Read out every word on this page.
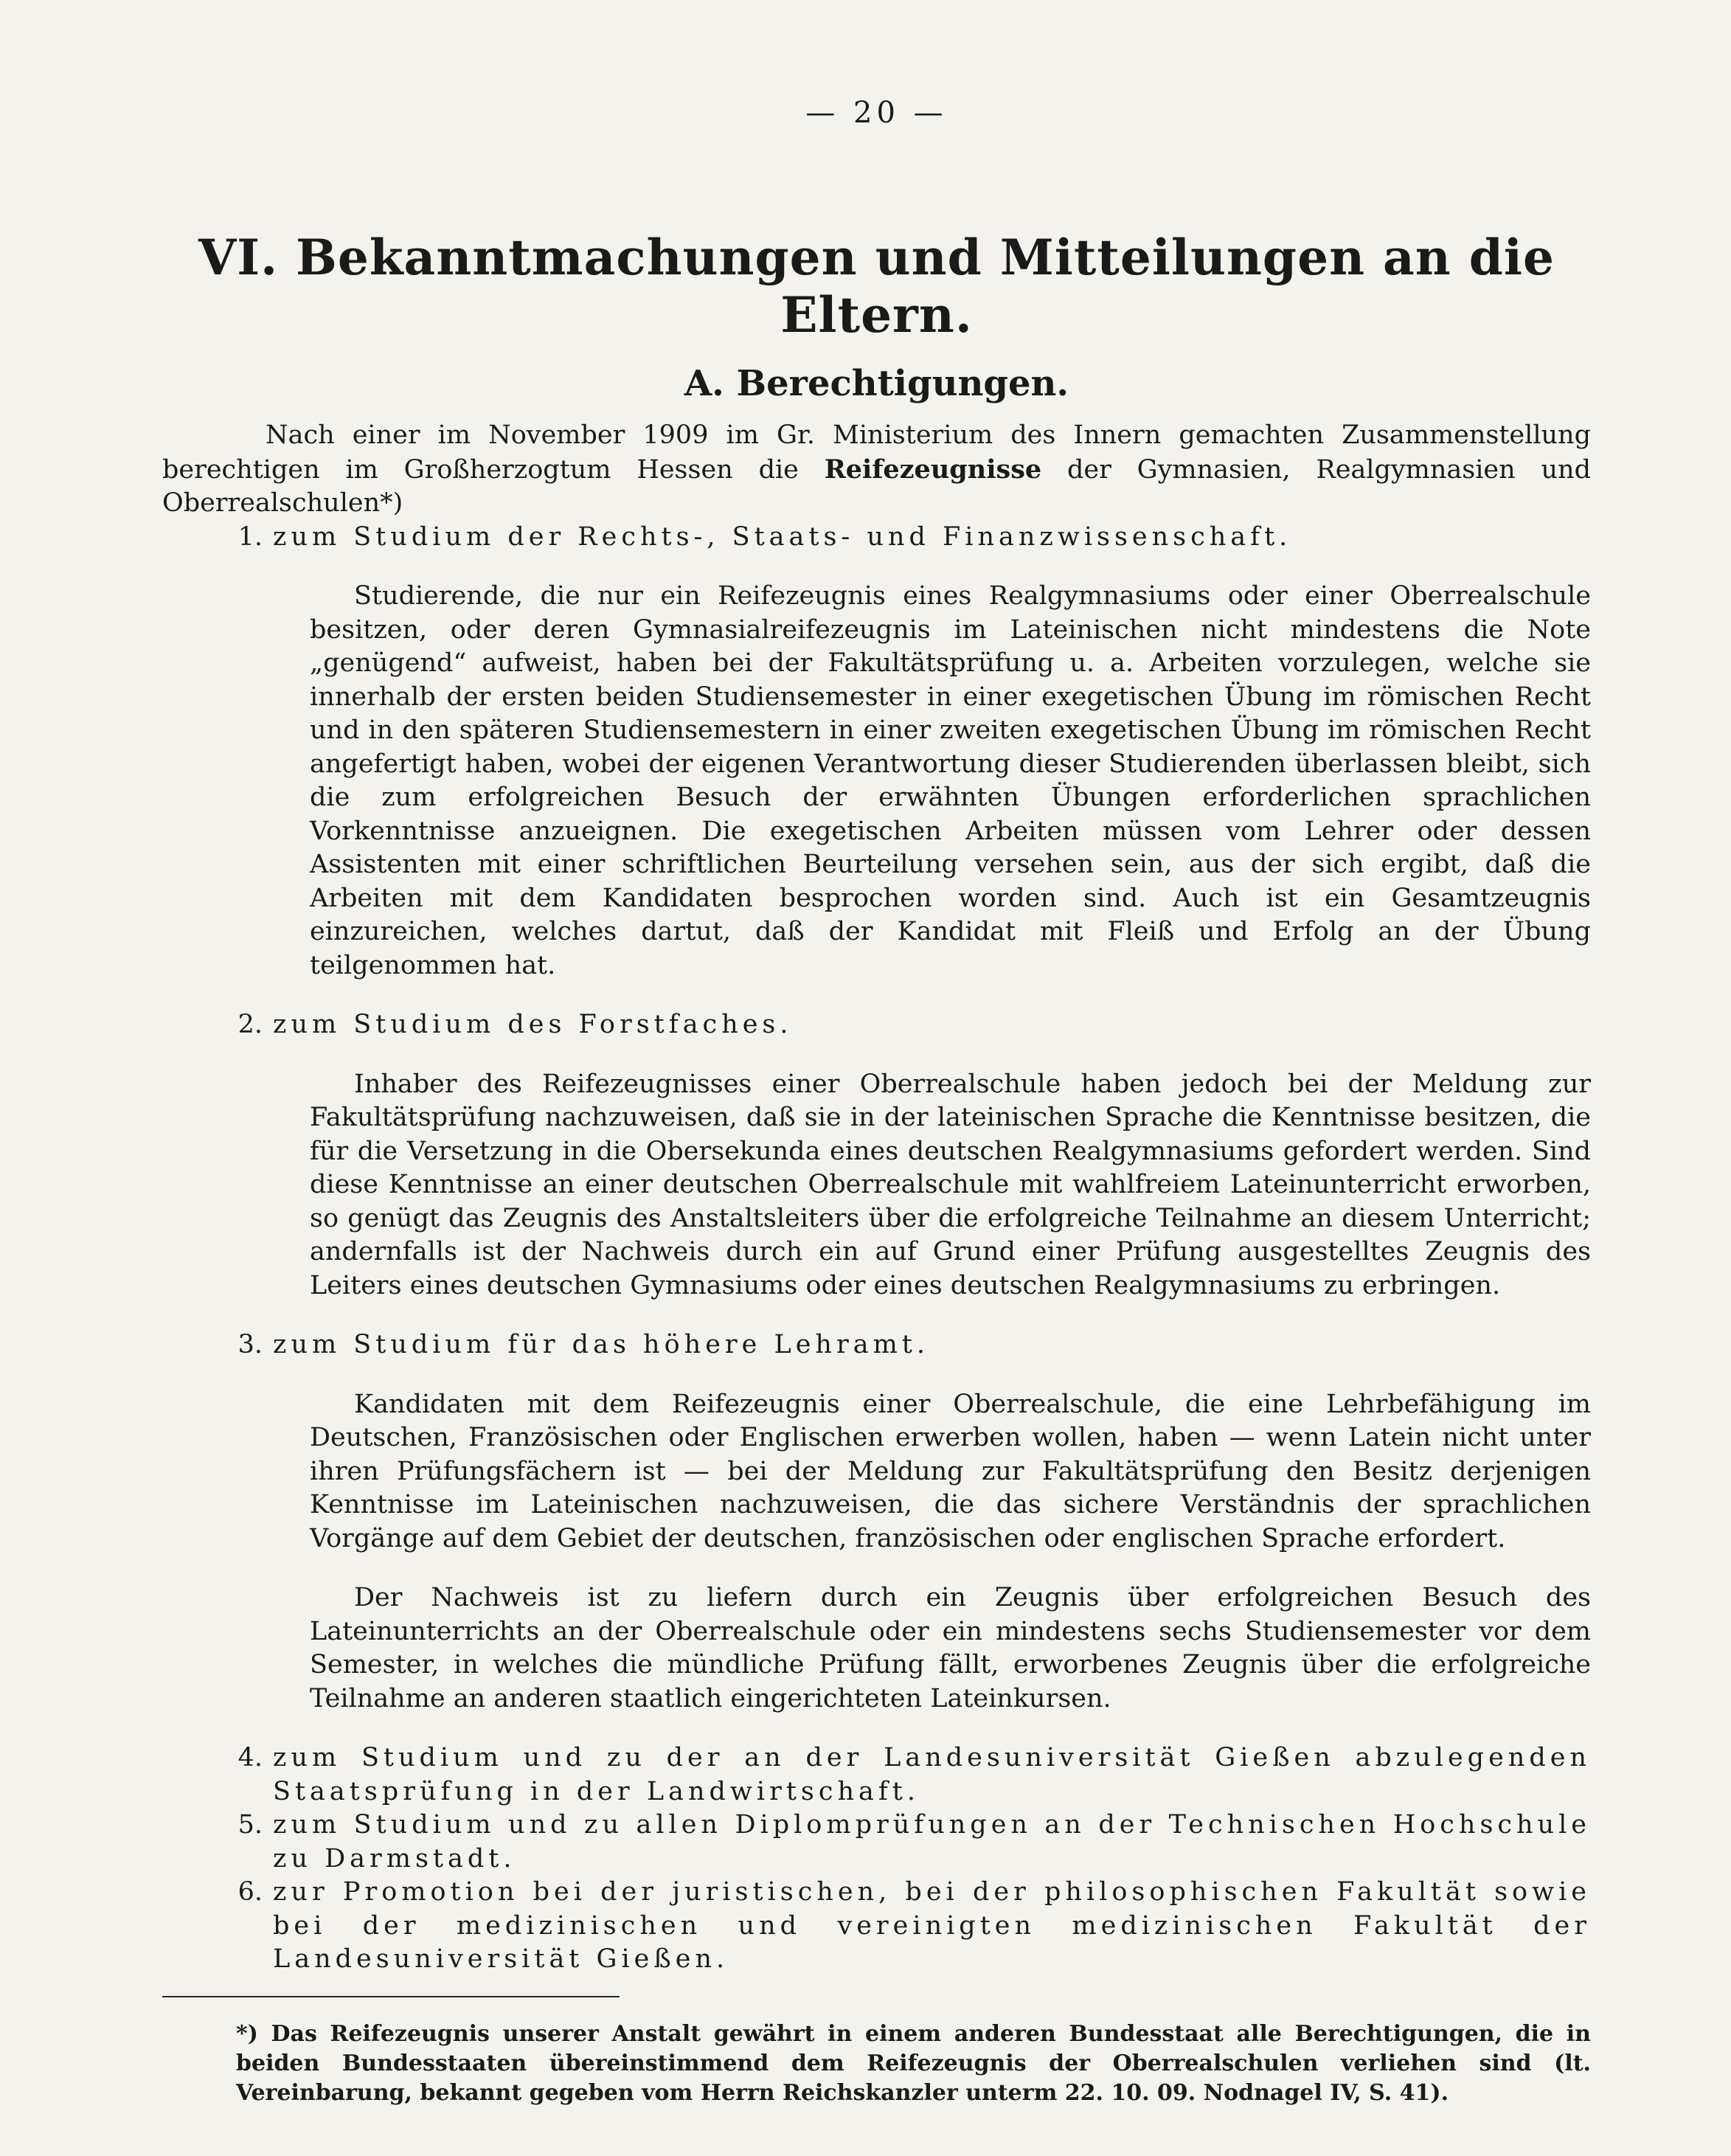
— 20 —
VI. Bekanntmachungen und Mitteilungen an die Eltern.
A. Berechtigungen.

Nach einer im November 1909 im Gr. Ministerium des Innern gemachten Zusammenstellung berechtigen im Großherzogtum Hessen die Reifezeugnisse der Gymnasien, Realgymnasien und Oberrealschulen*)

1. zum Studium der Rechts-, Staats- und Finanzwissenschaft.

Studierende, die nur ein Reifezeugnis eines Realgymnasiums oder einer Oberrealschule besitzen, oder deren Gymnasialreifezeugnis im Lateinischen nicht mindestens die Note „genügend“ aufweist, haben bei der Fakultätsprüfung u. a. Arbeiten vorzulegen, welche sie innerhalb der ersten beiden Studiensemester in einer exegetischen Übung im römischen Recht und in den späteren Studiensemestern in einer zweiten exegetischen Übung im römischen Recht angefertigt haben, wobei der eigenen Verantwortung dieser Studierenden überlassen bleibt, sich die zum erfolgreichen Besuch der erwähnten Übungen erforderlichen sprachlichen Vorkenntnisse anzueignen. Die exegetischen Arbeiten müssen vom Lehrer oder dessen Assistenten mit einer schriftlichen Beurteilung versehen sein, aus der sich ergibt, daß die Arbeiten mit dem Kandidaten besprochen worden sind. Auch ist ein Gesamtzeugnis einzureichen, welches dartut, daß der Kandidat mit Fleiß und Erfolg an der Übung teilgenommen hat.

2. zum Studium des Forstfaches.

Inhaber des Reifezeugnisses einer Oberrealschule haben jedoch bei der Meldung zur Fakultätsprüfung nachzuweisen, daß sie in der lateinischen Sprache die Kenntnisse besitzen, die für die Versetzung in die Obersekunda eines deutschen Realgymnasiums gefordert werden. Sind diese Kenntnisse an einer deutschen Oberrealschule mit wahlfreiem Lateinunterricht erworben, so genügt das Zeugnis des Anstaltsleiters über die erfolgreiche Teilnahme an diesem Unterricht; andernfalls ist der Nachweis durch ein auf Grund einer Prüfung ausgestelltes Zeugnis des Leiters eines deutschen Gymnasiums oder eines deutschen Realgymnasiums zu erbringen.

3. zum Studium für das höhere Lehramt.

Kandidaten mit dem Reifezeugnis einer Oberrealschule, die eine Lehrbefähigung im Deutschen, Französischen oder Englischen erwerben wollen, haben — wenn Latein nicht unter ihren Prüfungsfächern ist — bei der Meldung zur Fakultätsprüfung den Besitz derjenigen Kenntnisse im Lateinischen nachzuweisen, die das sichere Verständnis der sprachlichen Vorgänge auf dem Gebiet der deutschen, französischen oder englischen Sprache erfordert.

Der Nachweis ist zu liefern durch ein Zeugnis über erfolgreichen Besuch des Lateinunterrichts an der Oberrealschule oder ein mindestens sechs Studiensemester vor dem Semester, in welches die mündliche Prüfung fällt, erworbenes Zeugnis über die erfolgreiche Teilnahme an anderen staatlich eingerichteten Lateinkursen.

4. zum Studium und zu der an der Landesuniversität Gießen abzulegenden Staatsprüfung in der Landwirtschaft.
5. zum Studium und zu allen Diplomprüfungen an der Technischen Hochschule zu Darmstadt.
6. zur Promotion bei der juristischen, bei der philosophischen Fakultät sowie bei der medizinischen und vereinigten medizinischen Fakultät der Landesuniversität Gießen.

*) Das Reifezeugnis unserer Anstalt gewährt in einem anderen Bundesstaat alle Berechtigungen, die in beiden Bundesstaaten übereinstimmend dem Reifezeugnis der Oberrealschulen verliehen sind (lt. Vereinbarung, bekannt gegeben vom Herrn Reichskanzler unterm 22. 10. 09. Nodnagel IV, S. 41).
